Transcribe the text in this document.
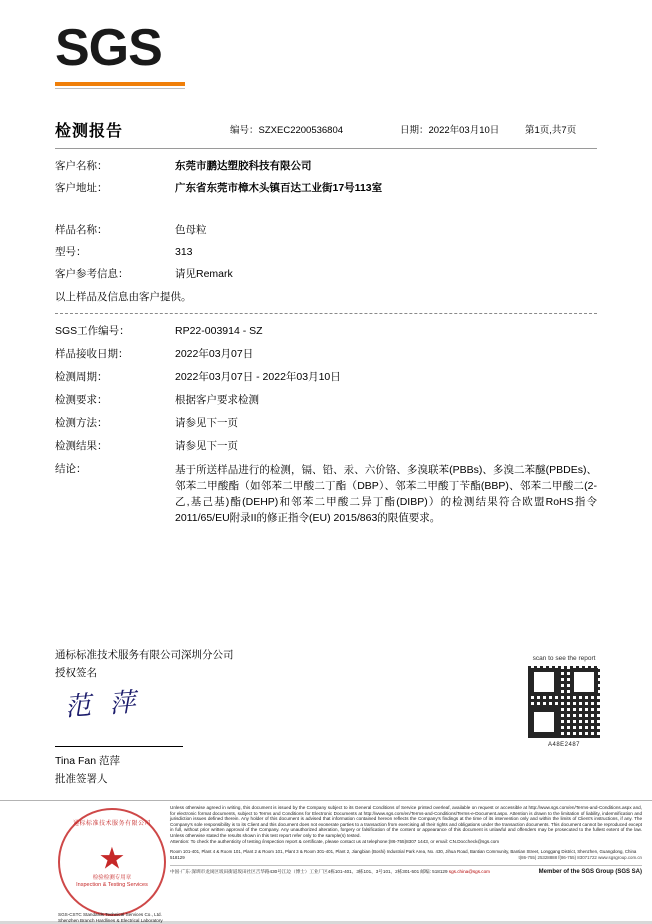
SGS
检测报告	编号：SZXEC2200536804	日期：2022年03月10日	第1页,共7页
客户名称：	东莞市鹏达塑胶科技有限公司
客户地址：	广东省东莞市樟木头镇百达工业街17号113室
样品名称：	色母粒
型号：	313
客户参考信息：	请见Remark
以上样品及信息由客户提供。
SGS工作编号：	RP22-003914 - SZ
样品接收日期：	2022年03月07日
检测周期：	2022年03月07日 - 2022年03月10日
检测要求：	根据客户要求检测
检测方法：	请参见下一页
检测结果：	请参见下一页
结论：	基于所送样品进行的检测，镉、铅、汞、六价铬、多溴联苯(PBBs)、多溴二苯醚(PBDEs)、邻苯二甲酸酯（如邻苯二甲酸二丁酯（DBP）、邻苯二甲酸丁苄酯(BBP)、邻苯二甲酸二(2-乙,基己基)酯(DEHP)和邻苯二甲酸二异丁酯(DIBP)）的检测结果符合欧盟RoHS指令2011/65/EU附录II的修正指令(EU) 2015/863的限值要求。
通标标准技术服务有限公司深圳分公司
授权签名
范 萍
Tina Fan 范萍
批准签署人
scan to see the report
A48E2487
通标标准技术服务有限公司
★
检验检测专用章
Inspection & Testing Services
SGS-CSTC Standards Technical Services Co., Ltd.
Shenzhen Branch Hardlines & Electrical Laboratory
Unless otherwise agreed in writing, this document is issued by the Company subject to its General Conditions of Service printed overleaf, available on request or accessible at http://www.sgs.com/en/Terms-and-Conditions.aspx and, for electronic format documents, subject to Terms and Conditions for Electronic Documents at http://www.sgs.com/en/Terms-and-Conditions/Terms-e-Document.aspx. Attention is drawn to the limitation of liability, indemnification and jurisdiction issues defined therein. Any holder of this document is advised that information contained hereon reflects the Company's findings at the time of its intervention only and within the limits of Client's instructions, if any. The Company's sole responsibility is to its Client and this document does not exonerate parties to a transaction from exercising all their rights and obligations under the transaction documents. This document cannot be reproduced except in full, without prior written approval of the Company. Any unauthorized alteration, forgery or falsification of the content or appearance of this document is unlawful and offenders may be prosecuted to the fullest extent of the law. Unless otherwise stated the results shown in this test report refer only to the sample(s) tested.
Attention: To check the authenticity of testing /inspection report & certificate, please contact us at telephone:(86-755)8307 1443, or email: CN.Doccheck@sgs.com
Room 101-401, Plant 4 & Room 101, Plant 2 & Room 101, Plant 3 & Room 301-401, Plant 2, Jiangbian (Boshi) Industrial Park Area, No. 430, Jihua Road, Bantian Community, Bantian Street, Longgang District, Shenzhen, Guangdong, China 518129	t(86-755) 25328888 f(86-755) 83071722 www.sgsgroup.com.cn
中国·广东·深圳市龙岗区坂田街道坂田社区吉华路430号江边（博士）工业厂区4栋101-401、3栋101、3号101、2栋301-501 邮编: 518129 sgs.china@sgs.com	Member of the SGS Group (SGS SA)
